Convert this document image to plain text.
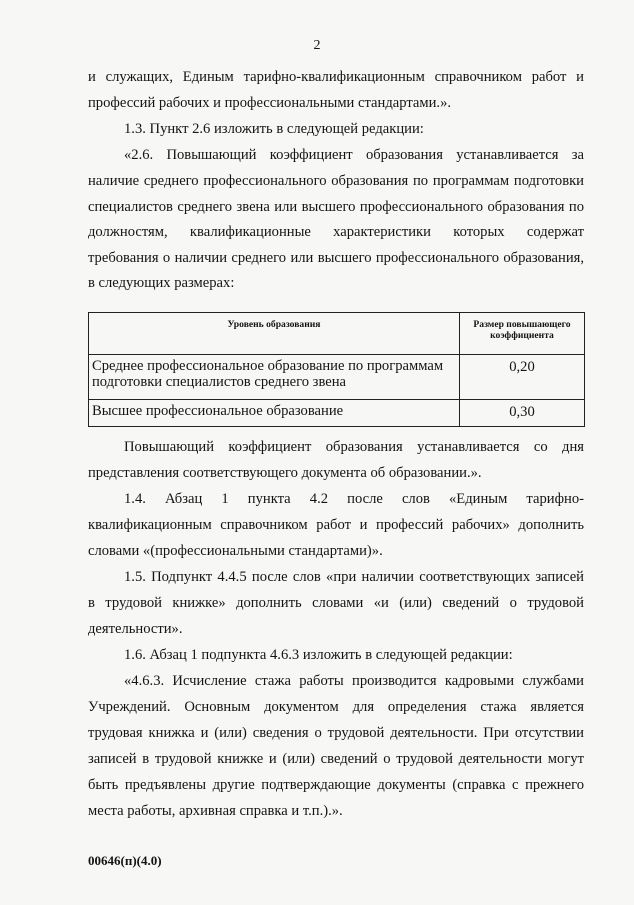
2
и служащих, Единым тарифно-квалификационным справочником работ и
профессий рабочих и профессиональными стандартами.».
1.3. Пункт 2.6 изложить в следующей редакции:
«2.6. Повышающий коэффициент образования устанавливается за
наличие среднего профессионального образования по программам подготовки
специалистов среднего звена или высшего профессионального образования по
должностям, квалификационные характеристики которых содержат
требования о наличии среднего или высшего профессионального образования,
в следующих размерах:
Уровень образования	Размер повышающего коэффициента
Среднее профессиональное образование по программам подготовки специалистов среднего звена	0,20
Высшее профессиональное образование	0,30
Повышающий коэффициент образования устанавливается со дня
представления соответствующего документа об образовании.».
1.4. Абзац 1 пункта 4.2 после слов «Единым тарифно-
квалификационным справочником работ и профессий рабочих» дополнить
словами «(профессиональными стандартами)».
1.5. Подпункт 4.4.5 после слов «при наличии соответствующих записей
в трудовой книжке» дополнить словами «и (или) сведений о трудовой
деятельности».
1.6. Абзац 1 подпункта 4.6.3 изложить в следующей редакции:
«4.6.3. Исчисление стажа работы производится кадровыми службами
Учреждений. Основным документом для определения стажа является
трудовая книжка и (или) сведения о трудовой деятельности. При отсутствии
записей в трудовой книжке и (или) сведений о трудовой деятельности могут
быть предъявлены другие подтверждающие документы (справка с прежнего
места работы, архивная справка и т.п.).».
00646(п)(4.0)
